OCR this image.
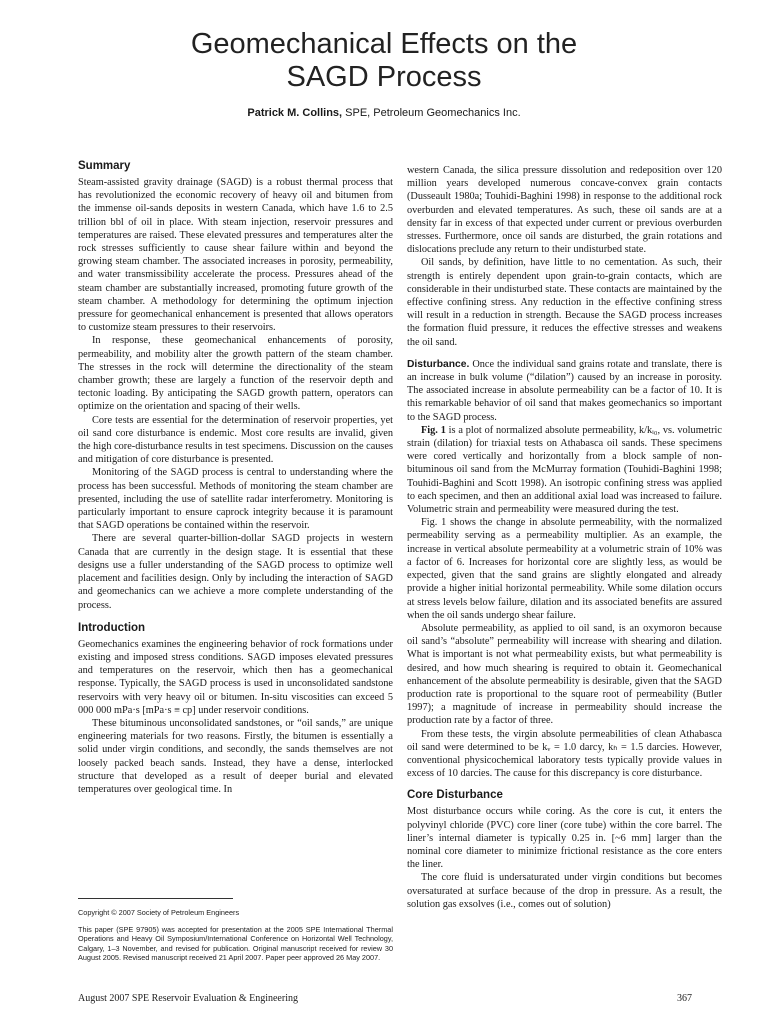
Geomechanical Effects on the
SAGD Process
Patrick M. Collins, SPE, Petroleum Geomechanics Inc.
Summary

Steam-assisted gravity drainage (SAGD) is a robust thermal process that has revolutionized the economic recovery of heavy oil and bitumen from the immense oil-sands deposits in western Canada, which have 1.6 to 2.5 trillion bbl of oil in place. With steam injection, reservoir pressures and temperatures are raised. These elevated pressures and temperatures alter the rock stresses sufficiently to cause shear failure within and beyond the growing steam chamber. The associated increases in porosity, permeability, and water transmissibility accelerate the process. Pressures ahead of the steam chamber are substantially increased, promoting future growth of the steam chamber. A methodology for determining the optimum injection pressure for geomechanical enhancement is presented that allows operators to customize steam pressures to their reservoirs.

In response, these geomechanical enhancements of porosity, permeability, and mobility alter the growth pattern of the steam chamber. The stresses in the rock will determine the directionality of the steam chamber growth; these are largely a function of the reservoir depth and tectonic loading. By anticipating the SAGD growth pattern, operators can optimize on the orientation and spacing of their wells.

Core tests are essential for the determination of reservoir properties, yet oil sand core disturbance is endemic. Most core results are invalid, given the high core-disturbance results in test specimens. Discussion on the causes and mitigation of core disturbance is presented.

Monitoring of the SAGD process is central to understanding where the process has been successful. Methods of monitoring the steam chamber are presented, including the use of satellite radar interferometry. Monitoring is particularly important to ensure caprock integrity because it is paramount that SAGD operations be contained within the reservoir.

There are several quarter-billion-dollar SAGD projects in western Canada that are currently in the design stage. It is essential that these designs use a fuller understanding of the SAGD process to optimize well placement and facilities design. Only by including the interaction of SAGD and geomechanics can we achieve a more complete understanding of the process.

Introduction

Geomechanics examines the engineering behavior of rock formations under existing and imposed stress conditions. SAGD imposes elevated pressures and temperatures on the reservoir, which then has a geomechanical response. Typically, the SAGD process is used in unconsolidated sandstone reservoirs with very heavy oil or bitumen. In-situ viscosities can exceed 5 000 000 mPa·s [mPa·s ≡ cp] under reservoir conditions.

These bituminous unconsolidated sandstones, or “oil sands,” are unique engineering materials for two reasons. Firstly, the bitumen is essentially a solid under virgin conditions, and secondly, the sands themselves are not loosely packed beach sands. Instead, they have a dense, interlocked structure that developed as a result of deeper burial and elevated temperatures over geological time. In

Copyright © 2007 Society of Petroleum Engineers
This paper (SPE 97905) was accepted for presentation at the 2005 SPE International Thermal Operations and Heavy Oil Symposium/International Conference on Horizontal Well Technology, Calgary, 1–3 November, and revised for publication. Original manuscript received for review 30 August 2005. Revised manuscript received 21 April 2007. Paper peer approved 26 May 2007.

western Canada, the silica pressure dissolution and redeposition over 120 million years developed numerous concave-convex grain contacts (Dusseault 1980a; Touhidi-Baghini 1998) in response to the additional rock overburden and elevated temperatures. As such, these oil sands are at a density far in excess of that expected under current or previous overburden stresses. Furthermore, once oil sands are disturbed, the grain rotations and dislocations preclude any return to their undisturbed state.

Oil sands, by definition, have little to no cementation. As such, their strength is entirely dependent upon grain-to-grain contacts, which are considerable in their undisturbed state. These contacts are maintained by the effective confining stress. Any reduction in the effective confining stress will result in a reduction in strength. Because the SAGD process increases the formation fluid pressure, it reduces the effective stresses and weakens the oil sand.

Disturbance. Once the individual sand grains rotate and translate, there is an increase in bulk volume (“dilation”) caused by an increase in porosity. The associated increase in absolute permeability can be a factor of 10. It is this remarkable behavior of oil sand that makes geomechanics so important to the SAGD process.

Fig. 1 is a plot of normalized absolute permeability, k/kᵢ₀, vs. volumetric strain (dilation) for triaxial tests on Athabasca oil sands. These specimens were cored vertically and horizontally from a block sample of non-bituminous oil sand from the McMurray formation (Touhidi-Baghini 1998; Touhidi-Baghini and Scott 1998). An isotropic confining stress was applied to each specimen, and then an additional axial load was increased to failure. Volumetric strain and permeability were measured during the test.

Fig. 1 shows the change in absolute permeability, with the normalized permeability serving as a permeability multiplier. As an example, the increase in vertical absolute permeability at a volumetric strain of 10% was a factor of 6. Increases for horizontal core are slightly less, as would be expected, given that the sand grains are slightly elongated and already provide a higher initial horizontal permeability. While some dilation occurs at stress levels below failure, dilation and its associated benefits are assured when the oil sands undergo shear failure.

Absolute permeability, as applied to oil sand, is an oxymoron because oil sand’s “absolute” permeability will increase with shearing and dilation. What is important is not what permeability exists, but what permeability is desired, and how much shearing is required to obtain it. Geomechanical enhancement of the absolute permeability is desirable, given that the SAGD production rate is proportional to the square root of permeability (Butler 1997); a magnitude of increase in permeability should increase the production rate by a factor of three.

From these tests, the virgin absolute permeabilities of clean Athabasca oil sand were determined to be kᵥ = 1.0 darcy, kₕ = 1.5 darcies. However, conventional physicochemical laboratory tests typically provide values in excess of 10 darcies. The cause for this discrepancy is core disturbance.

Core Disturbance

Most disturbance occurs while coring. As the core is cut, it enters the polyvinyl chloride (PVC) core liner (core tube) within the core barrel. The liner’s internal diameter is typically 0.25 in. [~6 mm] larger than the nominal core diameter to minimize frictional resistance as the core enters the liner.

The core fluid is undersaturated under virgin conditions but becomes oversaturated at surface because of the drop in pressure. As a result, the solution gas exsolves (i.e., comes out of solution)

August 2007 SPE Reservoir Evaluation & Engineering	367
